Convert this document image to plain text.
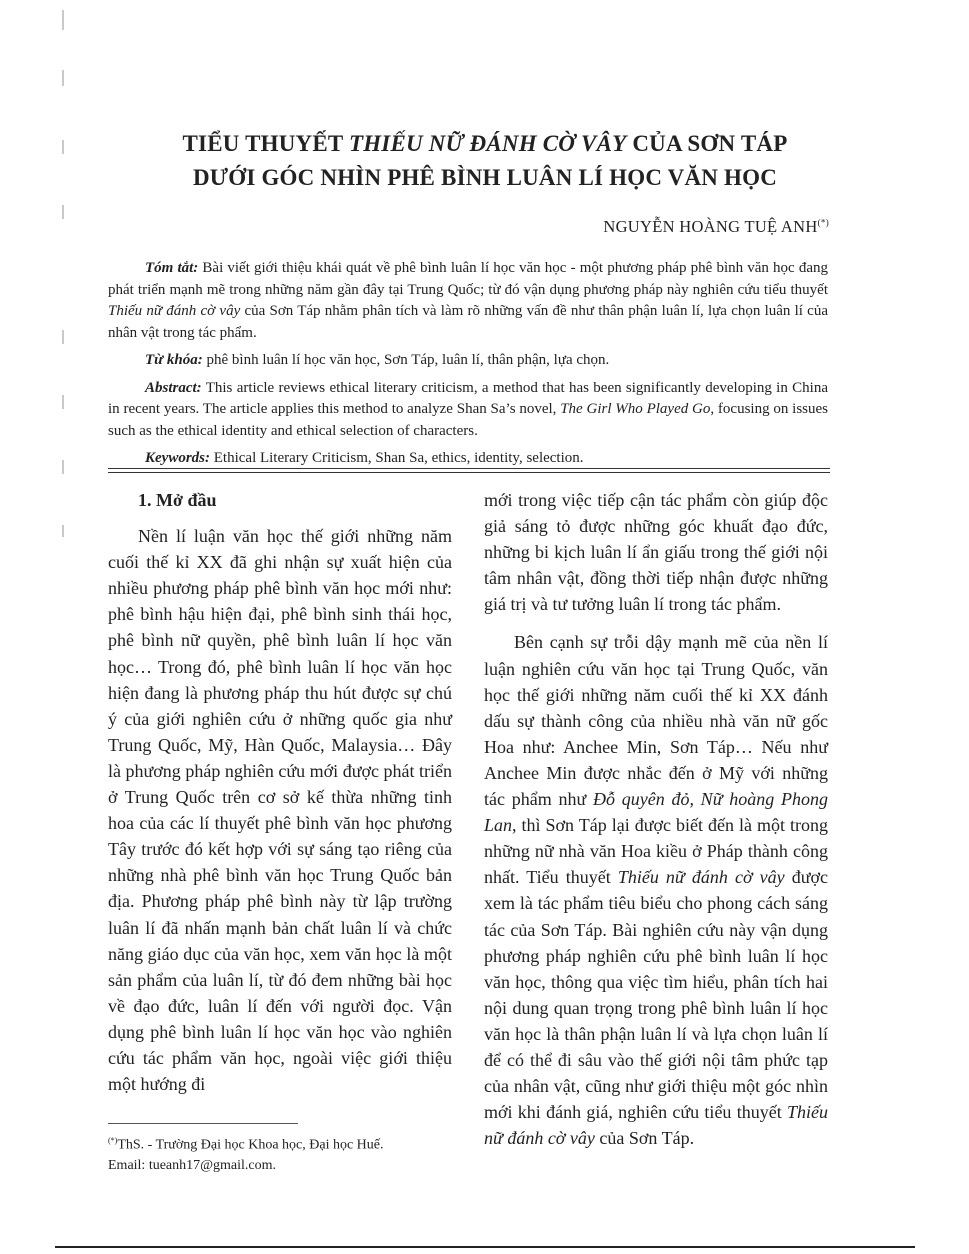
TIỂU THUYẾT THIẾU NỮ ĐÁNH CỜ VÂY CỦA SƠN TÁP
DƯỚI GÓC NHÌN PHÊ BÌNH LUÂN LÍ HỌC VĂN HỌC
NGUYỄN HOÀNG TUỆ ANH(*)

Tóm tắt: Bài viết giới thiệu khái quát về phê bình luân lí học văn học - một phương pháp phê bình văn học đang phát triển mạnh mẽ trong những năm gần đây tại Trung Quốc; từ đó vận dụng phương pháp này nghiên cứu tiểu thuyết Thiếu nữ đánh cờ vây của Sơn Táp nhằm phân tích và làm rõ những vấn đề như thân phận luân lí, lựa chọn luân lí của nhân vật trong tác phẩm.

Từ khóa: phê bình luân lí học văn học, Sơn Táp, luân lí, thân phận, lựa chọn.

Abstract: This article reviews ethical literary criticism, a method that has been significantly developing in China in recent years. The article applies this method to analyze Shan Sa’s novel, The Girl Who Played Go, focusing on issues such as the ethical identity and ethical selection of characters.

Keywords: Ethical Literary Criticism, Shan Sa, ethics, identity, selection.

1. Mở đầu

Nền lí luận văn học thế giới những năm cuối thế kỉ XX đã ghi nhận sự xuất hiện của nhiều phương pháp phê bình văn học mới như: phê bình hậu hiện đại, phê bình sinh thái học, phê bình nữ quyền, phê bình luân lí học văn học… Trong đó, phê bình luân lí học văn học hiện đang là phương pháp thu hút được sự chú ý của giới nghiên cứu ở những quốc gia như Trung Quốc, Mỹ, Hàn Quốc, Malaysia… Đây là phương pháp nghiên cứu mới được phát triển ở Trung Quốc trên cơ sở kế thừa những tinh hoa của các lí thuyết phê bình văn học phương Tây trước đó kết hợp với sự sáng tạo riêng của những nhà phê bình văn học Trung Quốc bản địa. Phương pháp phê bình này từ lập trường luân lí đã nhấn mạnh bản chất luân lí và chức năng giáo dục của văn học, xem văn học là một sản phẩm của luân lí, từ đó đem những bài học về đạo đức, luân lí đến với người đọc. Vận dụng phê bình luân lí học văn học vào nghiên cứu tác phẩm văn học, ngoài việc giới thiệu một hướng đi

mới trong việc tiếp cận tác phẩm còn giúp độc giả sáng tỏ được những góc khuất đạo đức, những bi kịch luân lí ẩn giấu trong thế giới nội tâm nhân vật, đồng thời tiếp nhận được những giá trị và tư tưởng luân lí trong tác phẩm.

Bên cạnh sự trỗi dậy mạnh mẽ của nền lí luận nghiên cứu văn học tại Trung Quốc, văn học thế giới những năm cuối thế kỉ XX đánh dấu sự thành công của nhiều nhà văn nữ gốc Hoa như: Anchee Min, Sơn Táp… Nếu như Anchee Min được nhắc đến ở Mỹ với những tác phẩm như Đỗ quyên đỏ, Nữ hoàng Phong Lan, thì Sơn Táp lại được biết đến là một trong những nữ nhà văn Hoa kiều ở Pháp thành công nhất. Tiểu thuyết Thiếu nữ đánh cờ vây được xem là tác phẩm tiêu biểu cho phong cách sáng tác của Sơn Táp. Bài nghiên cứu này vận dụng phương pháp nghiên cứu phê bình luân lí học văn học, thông qua việc tìm hiểu, phân tích hai nội dung quan trọng trong phê bình luân lí học văn học là thân phận luân lí và lựa chọn luân lí để có thể đi sâu vào thế giới nội tâm phức tạp của nhân vật, cũng như giới thiệu một góc nhìn mới khi đánh giá, nghiên cứu tiểu thuyết Thiếu nữ đánh cờ vây của Sơn Táp.

(*)ThS. - Trường Đại học Khoa học, Đại học Huế.
Email: tueanh17@gmail.com.
